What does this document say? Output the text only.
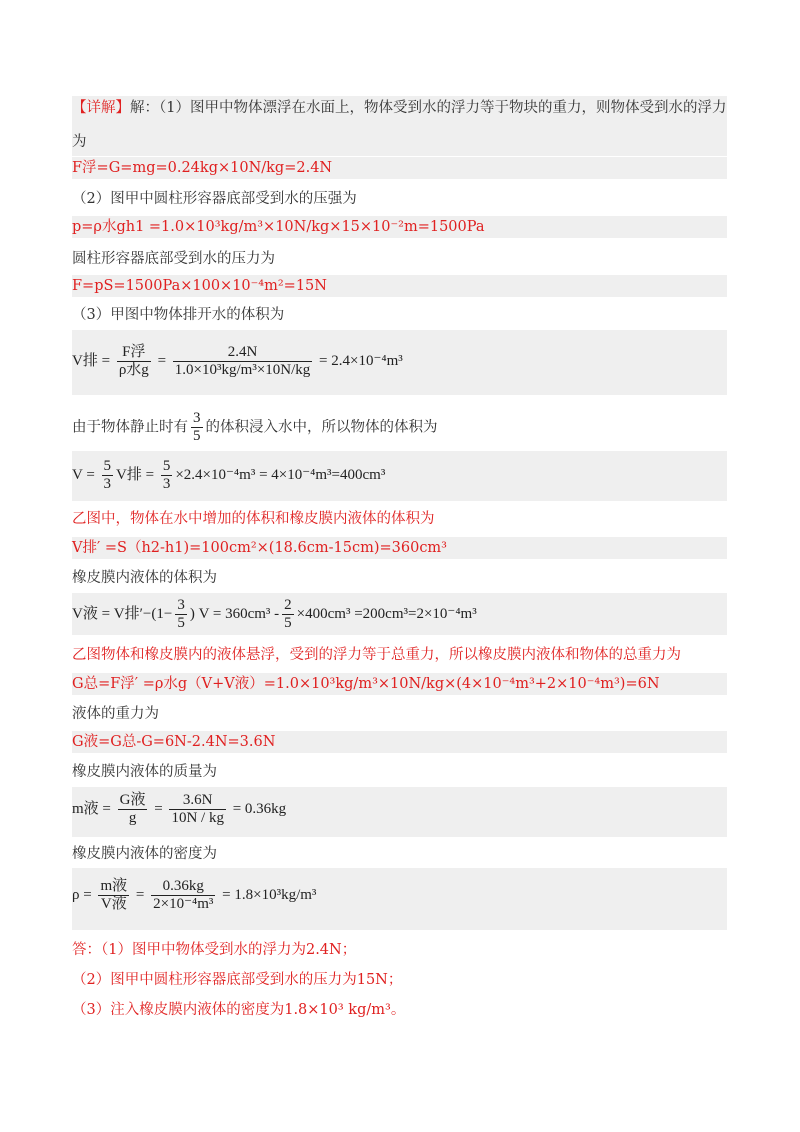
【详解】解：（1）图甲中物体漂浮在水面上，物体受到水的浮力等于物块的重力，则物体受到水的浮力
为
F浮=G=mg=0.24kg×10N/kg=2.4N
（2）图甲中圆柱形容器底部受到水的压强为
p=ρ水gh1 =1.0×10³kg/m³×10N/kg×15×10⁻²m=1500Pa
圆柱形容器底部受到水的压力为
F=pS=1500Pa×100×10⁻⁴m²=15N
（3）甲图中物体排开水的体积为
V排 = $\frac{\text{F浮}}{\text{ρ水g}} = \frac{2.4N}{\text{1.0×10³kg/m³×10N/kg}} = 2.4\times 10^{-4}m^3$
由于物体静止时有 $\frac{3}{5}$ 的体积浸入水中，所以物体的体积为
$V = \frac{5}{3}$ V排 = $\frac{5}{3} \times 2.4\times 10^{-4}m^3 = 4\times 10^{-4}m^3=400cm^3$
乙图中，物体在水中增加的体积和橡皮膜内液体的体积为
V排′ =S（h2-h1)=100cm²×(18.6cm-15cm)=360cm³
橡皮膜内液体的体积为
V液 = V排$'-(1- \frac{3}{5}$ ) $V = 360cm^3 - \frac{2}{5} \times 400cm^3 =200cm^3=2\times 10^{-4}m^3$
乙图物体和橡皮膜内的液体悬浮，受到的浮力等于总重力，所以橡皮膜内液体和物体的总重力为
G总=F浮′ =ρ水g（V+V液）=1.0×10³kg/m³×10N/kg×(4×10⁻⁴m³+2×10⁻⁴m³)=6N
液体的重力为
G液=G总-G=6N-2.4N=3.6N
橡皮膜内液体的质量为
m液 = $\frac{\text{G液}}{g} = \frac{3.6N}{10N / kg} = 0.36kg$
橡皮膜内液体的密度为
$\rho = \frac{\text{m液}}{\text{V液}} = \frac{0.36kg}{\text{2×10⁻⁴m³}} = 1.8\times 10^3kg/m^3$
答：（1）图甲中物体受到水的浮力为2.4N；
（2）图甲中圆柱形容器底部受到水的压力为15N；
（3）注入橡皮膜内液体的密度为1.8×10³ kg/m³。
